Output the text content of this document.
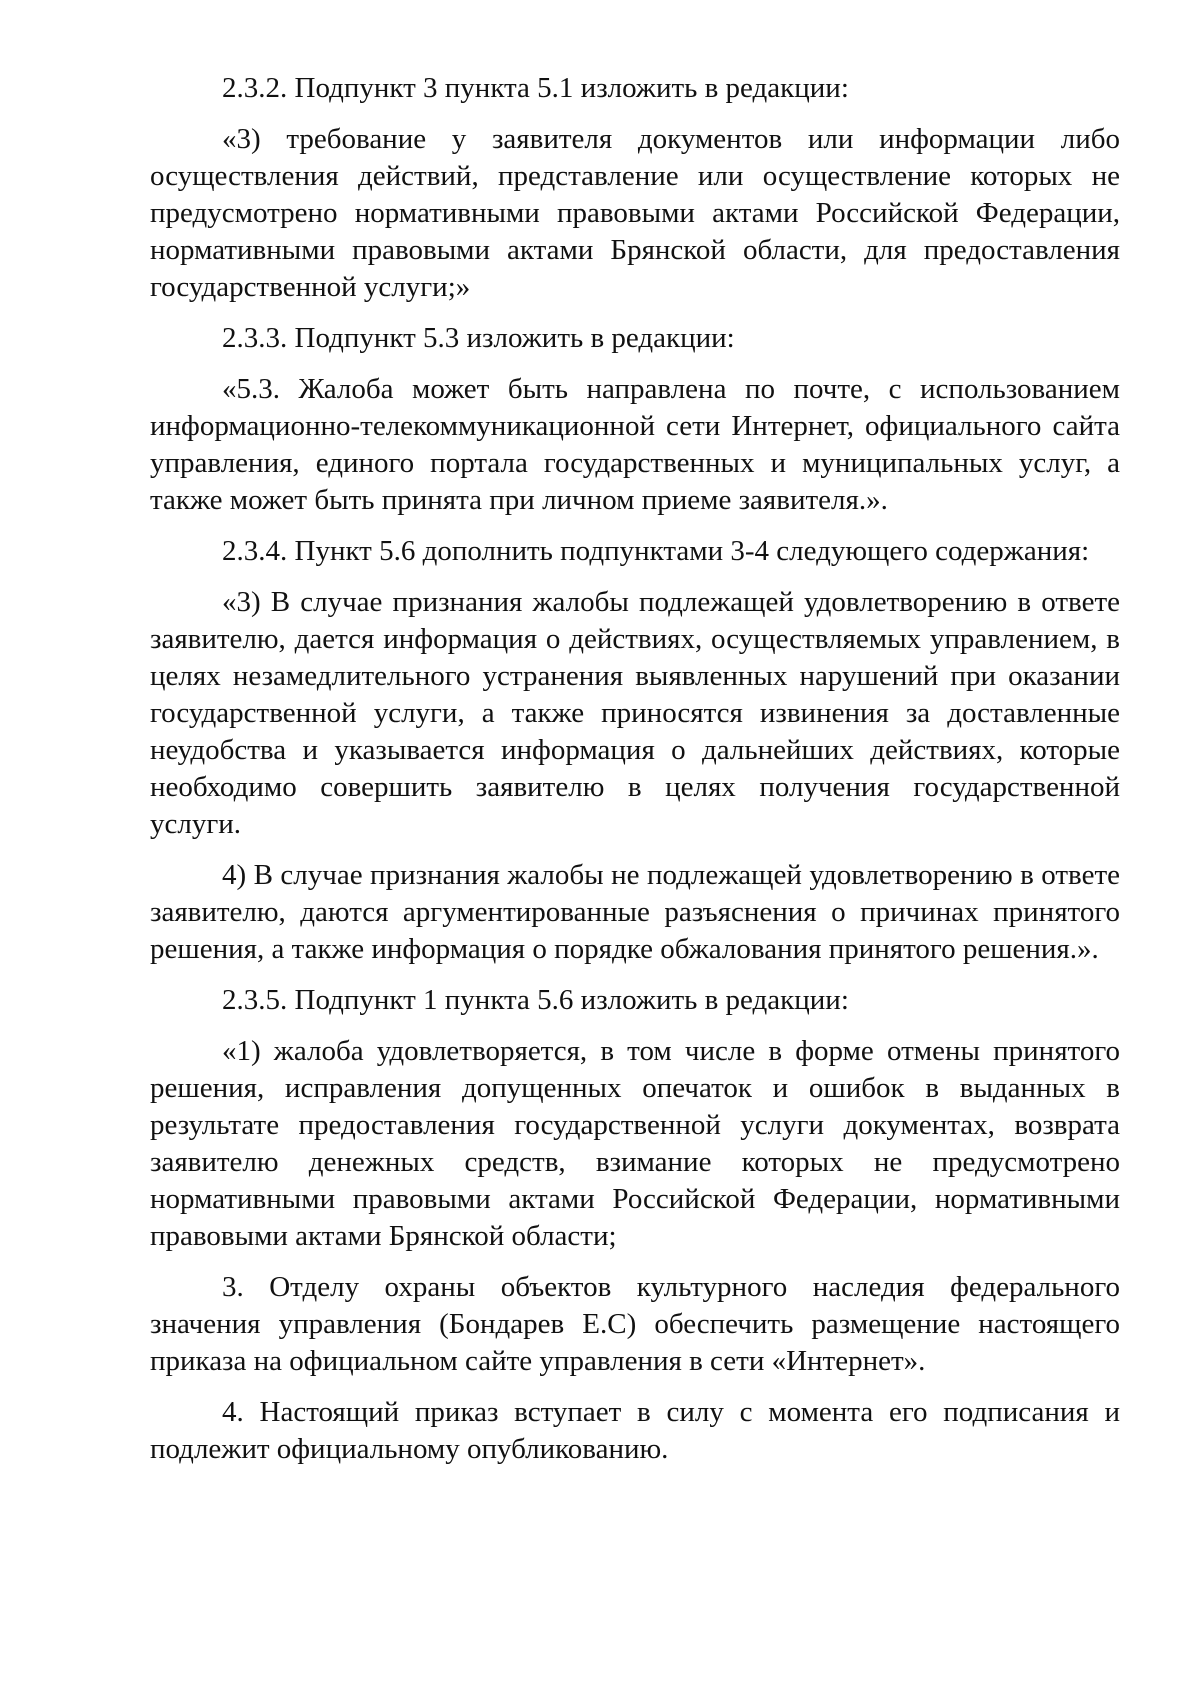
2.3.2. Подпункт 3 пункта 5.1 изложить в редакции:

«3) требование у заявителя документов или информации либо осуществления действий, представление или осуществление которых не предусмотрено нормативными правовыми актами Российской Федерации, нормативными правовыми актами Брянской области, для предоставления государственной услуги;»

2.3.3. Подпункт 5.3 изложить в редакции:

«5.3. Жалоба может быть направлена по почте, с использованием информационно-телекоммуникационной сети Интернет, официального сайта управления, единого портала государственных и муниципальных услуг, а также может быть принята при личном приеме заявителя.».

2.3.4. Пункт 5.6 дополнить подпунктами 3-4 следующего содержания:

«3) В случае признания жалобы подлежащей удовлетворению в ответе заявителю, дается информация о действиях, осуществляемых управлением, в целях незамедлительного устранения выявленных нарушений при оказании государственной услуги, а также приносятся извинения за доставленные неудобства и указывается информация о дальнейших действиях, которые необходимо совершить заявителю в целях получения государственной услуги.

4) В случае признания жалобы не подлежащей удовлетворению в ответе заявителю, даются аргументированные разъяснения о причинах принятого решения, а также информация о порядке обжалования принятого решения.».

2.3.5. Подпункт 1 пункта 5.6 изложить в редакции:

«1) жалоба удовлетворяется, в том числе в форме отмены принятого решения, исправления допущенных опечаток и ошибок в выданных в результате предоставления государственной услуги документах, возврата заявителю денежных средств, взимание которых не предусмотрено нормативными правовыми актами Российской Федерации, нормативными правовыми актами Брянской области;

3. Отделу охраны объектов культурного наследия федерального значения управления (Бондарев Е.С) обеспечить размещение настоящего приказа на официальном сайте управления в сети «Интернет».

4. Настоящий приказ вступает в силу с момента его подписания и подлежит официальному опубликованию.
